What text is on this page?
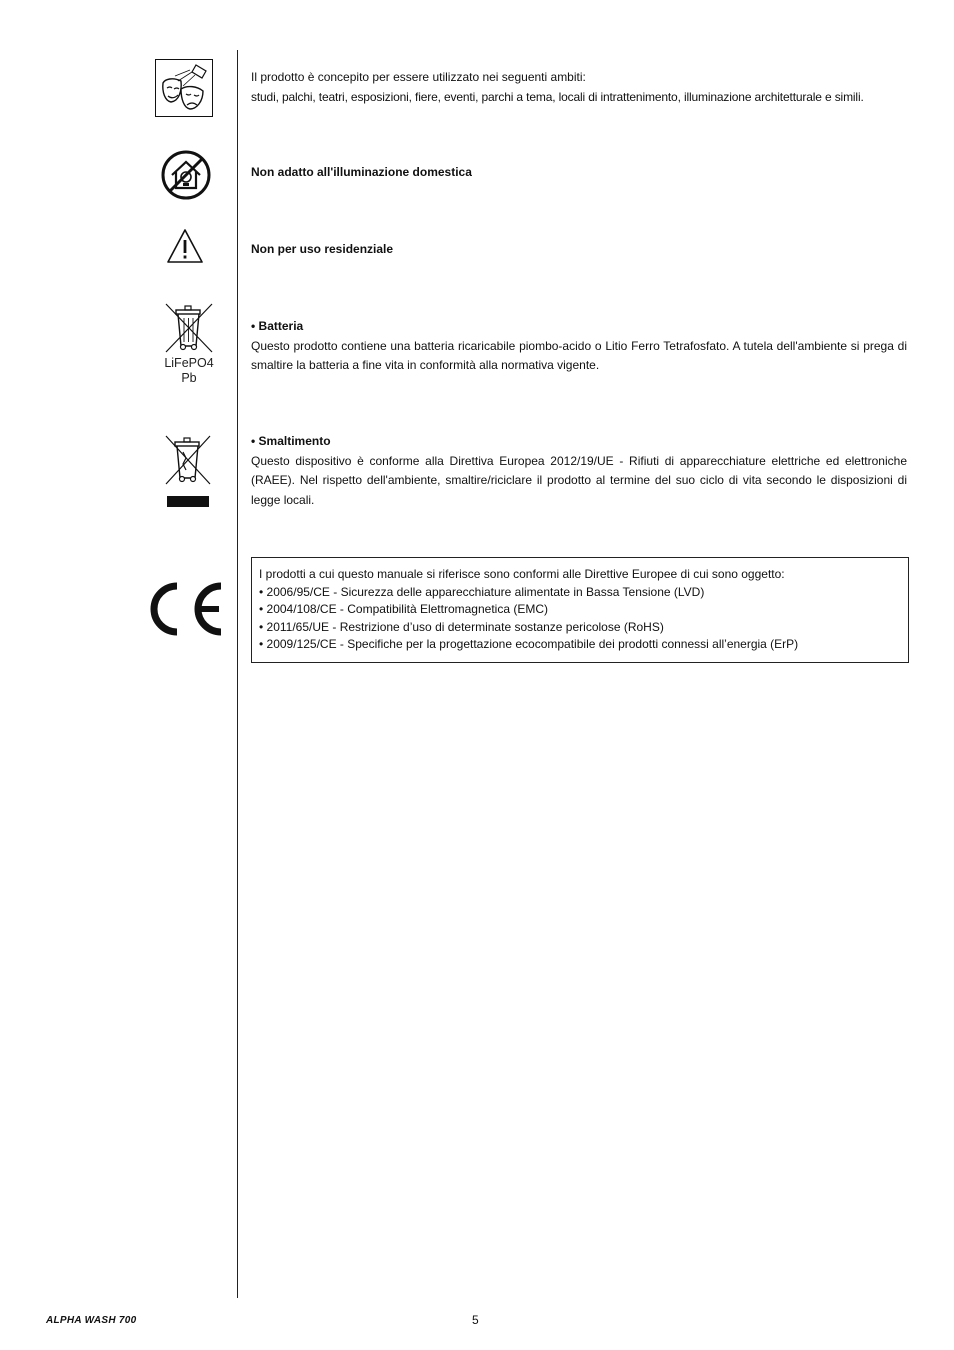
Il prodotto è concepito per essere utilizzato nei seguenti ambiti:

studi, palchi, teatri, esposizioni, fiere, eventi, parchi a tema, locali di intrattenimento, illuminazione architetturale e simili.

Non adatto all'illuminazione domestica
Non per uso residenziale
LiFePO4
Pb

• Batteria

Questo prodotto contiene una batteria ricaricabile piombo-acido o Litio Ferro Tetrafosfato. A tutela dell'ambiente si prega di smaltire la batteria a fine vita in conformità alla normativa vigente.

• Smaltimento

Questo dispositivo è conforme alla Direttiva Europea 2012/19/UE - Rifiuti di apparecchiature elettriche ed elettroniche (RAEE). Nel rispetto dell'ambiente, smaltire/riciclare il prodotto al termine del suo ciclo di vita secondo le disposizioni di legge locali.

I prodotti a cui questo manuale si riferisce sono conformi alle Direttive Europee di cui sono oggetto:
• 2006/95/CE - Sicurezza delle apparecchiature alimentate in Bassa Tensione (LVD)
• 2004/108/CE - Compatibilità Elettromagnetica (EMC)
• 2011/65/UE - Restrizione d’uso di determinate sostanze pericolose (RoHS)
• 2009/125/CE - Specifiche per la progettazione ecocompatibile dei prodotti connessi all’energia (ErP)
ALPHA WASH 700	5
